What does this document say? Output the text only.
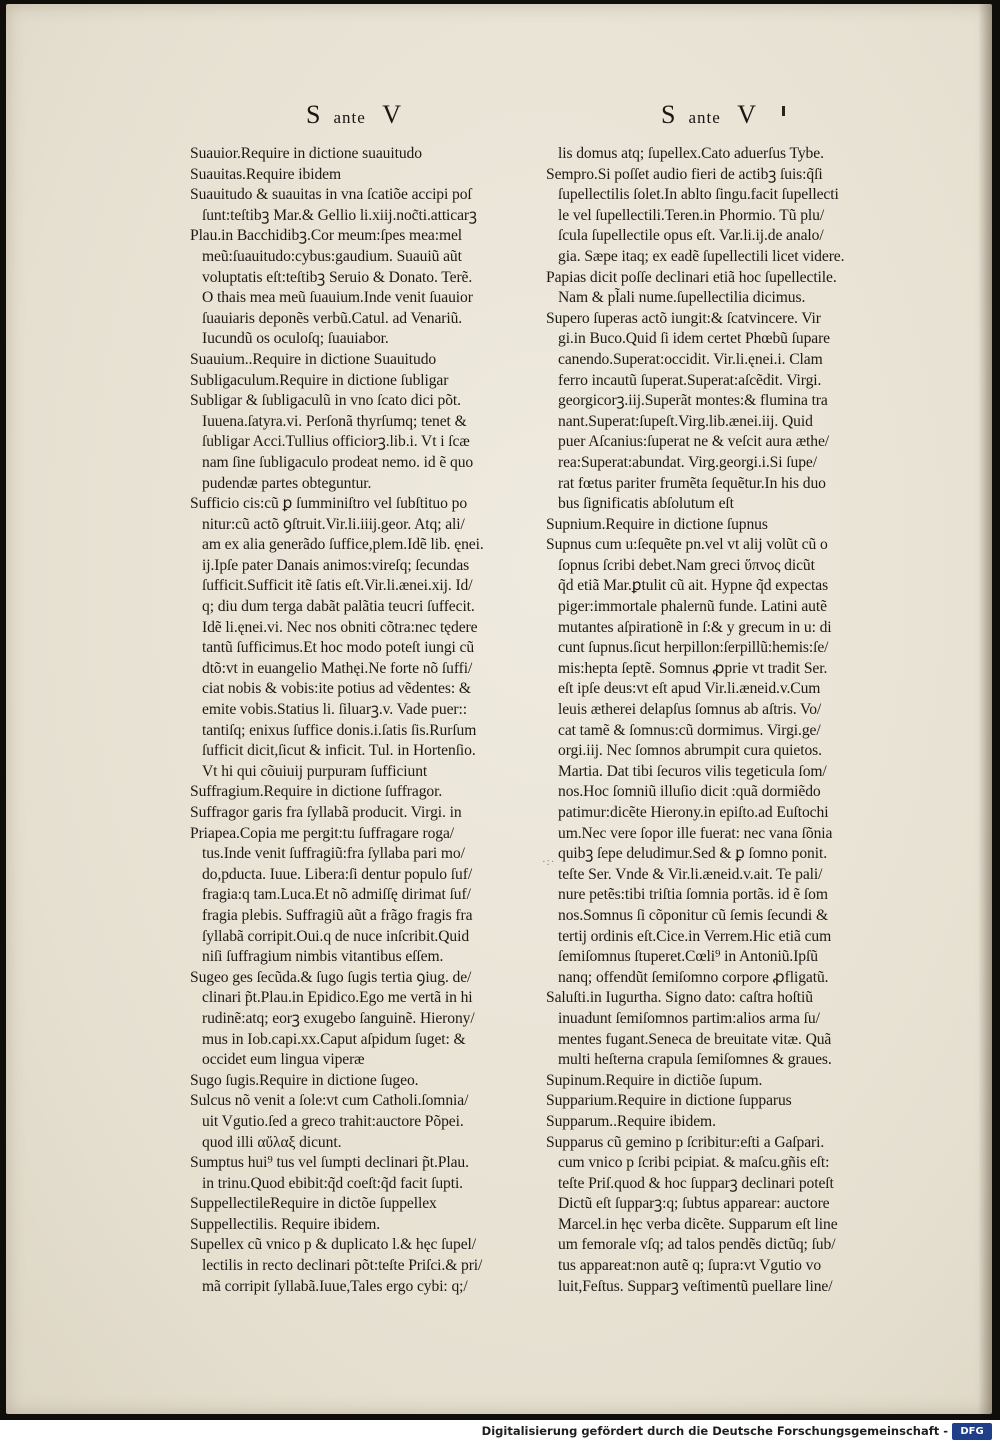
Sante V	Sante V
Suauior.Require in dictione suauitudo
Suauitas.Require ibidem
Suauitudo & suauitas in vna ſcatiõe accipi poſ
ſunt:teſtibꝫ Mar.& Gellio li.xiij.noc̃ti.atticarꝫ
Plau.in Bacchidibꝫ.Cor meum:ſpes mea:mel
meũ:ſuauitudo:cybus:gaudium. Suauiũ aũt
voluptatis eſt:teſtibꝫ Seruio & Donato. Terẽ.
O thais mea meũ ſuauium.Inde venit ſuauior
ſuauiaris deponẽs verbũ.Catul. ad Venariũ.
Iucundũ os oculoſq; ſuauiabor.
Suauium..Require in dictione Suauitudo
Subligaculum.Require in dictione ſubligar
Subligar & ſubligaculũ in vno ſcato dici põt.
Iuuena.ſatyra.vi. Perſonã thyrſumq; tenet &
ſubligar Acci.Tullius officiorꝫ.lib.i. Vt i ſcæ
nam ſine ſubligaculo prodeat nemo. id ẽ quo
pudendæ partes obteguntur.
Sufficio cis:cũ ꝑ ſumminiſtro vel ſubſtituo po
nitur:cũ actõ ꝯſtruit.Vir.li.iiij.geor. Atq; ali/
am ex alia generãdo ſuffice,plem.Idẽ lib. ęnei.
ij.Ipſe pater Danais animos:vireſq; ſecundas
ſufficit.Sufficit itẽ ſatis eſt.Vir.li.ænei.xij. Id/
q; diu dum terga dabãt palãtia teucri ſuffecit.
Idẽ li.ęnei.vi. Nec nos obniti cõtra:nec tędere
tantũ ſufficimus.Et hoc modo poteſt iungi cũ
dtõ:vt in euangelio Mathęi.Ne forte nõ ſuffi/
ciat nobis & vobis:ite potius ad vẽdentes: &
emite vobis.Statius li. ſiluarꝫ.v. Vade puer::
tantiſq; enixus ſuffice donis.i.ſatis ſis.Rurſum
ſufficit dicit,ſicut & inficit. Tul. in Hortenſio.
Vt hi qui cõuiuij purpuram ſufficiunt
Suffragium.Require in dictione ſuffragor.
Suffragor garis fra ſyllabã producit. Virgi. in
Priapea.Copia me pergit:tu ſuffragare roga/
tus.Inde venit ſuffragiũ:fra ſyllaba pari mo/
do,pducta. Iuue. Libera:ſi dentur populo ſuf/
fragia:q tam.Luca.Et nõ admiſſę dirimat ſuf/
fragia plebis. Suffragiũ aũt a frãgo fragis fra
ſyllabã corripit.Oui.q de nuce inſcribit.Quid
niſi ſuffragium nimbis vitantibus eſſem.
Sugeo ges ſecũda.& ſugo ſugis tertia ꝯiug. de/
clinari p̃t.Plau.in Epidico.Ego me vertã in hi
rudinẽ:atq; eorꝫ exugebo ſanguinẽ. Hierony/
mus in Iob.capi.xx.Caput aſpidum ſuget: &
occidet eum lingua viperæ
Sugo ſugis.Require in dictione ſugeo.
Sulcus nõ venit a ſole:vt cum Catholi.ſomnia/
uit Vgutio.ſed a greco trahit:auctore Põpei.
quod illi αὔλαξ dicunt.
Sumptus hui⁹ tus vel ſumpti declinari p̃t.Plau.
in trinu.Quod ebibit:q̃d coeſt:q̃d facit ſupti.
SuppellectileRequire in dictõe ſuppellex
Suppellectilis. Require ibidem.
Supellex cũ vnico p & duplicato l.& hęc ſupel/
lectilis in recto declinari põt:teſte Priſci.& pri/
mã corripit ſyllabã.Iuue,Tales ergo cybi: q;/
lis domus atq; ſupellex.Cato aduerſus Tybe.
Sempro.Si poſſet audio fieri de actibꝫ ſuis:q̃ſi
ſupellectilis ſolet.In ablto ſingu.facit ſupellecti
le vel ſupellectili.Teren.in Phormio. Tũ plu/
ſcula ſupellectile opus eſt. Var.li.ij.de analo/
gia. Sæpe itaq; ex eadẽ ſupellectili licet videre.
Papias dicit poſſe declinari etiã hoc ſupellectile.
Nam & pl̃ali nume.ſupellectilia dicimus.
Supero ſuperas actõ iungit:& ſcatvincere. Vir
gi.in Buco.Quid ſi idem certet Phœbũ ſupare
canendo.Superat:occidit. Vir.li.ęnei.i. Clam
ferro incautũ ſuperat.Superat:aſcẽdit. Virgi.
georgicorꝫ.iij.Superãt montes:& flumina tra
nant.Superat:ſupeſt.Virg.lib.ænei.iij. Quid
puer Aſcanius:ſuperat ne & veſcit aura æthe/
rea:Superat:abundat. Virg.georgi.i.Si ſupe/
rat fœtus pariter frumẽta ſequẽtur.In his duo
bus ſignificatis abſolutum eſt
Supnium.Require in dictione ſupnus
Supnus cum u:ſequẽte pn.vel vt alij volũt cũ o
ſopnus ſcribi debet.Nam greci ὕπνος dicũt
q̃d etiã Mar.ꝑtulit cũ ait. Hypne q̃d expectas
piger:immortale phalernũ funde. Latini autẽ
mutantes aſpirationẽ in ſ:& y grecum in u: di
cunt ſupnus.ſicut herpillon:ſerpillũ:hemis:ſe/
mis:hepta ſeptẽ. Somnus ꝓprie vt tradit Ser.
eſt ipſe deus:vt eſt apud Vir.li.æneid.v.Cum
leuis ætherei delapſus ſomnus ab aſtris. Vo/
cat tamẽ & ſomnus:cũ dormimus. Virgi.ge/
orgi.iij. Nec ſomnos abrumpit cura quietos.
Martia. Dat tibi ſecuros vilis tegeticula ſom/
nos.Hoc ſomniũ illuſio dicit :quã dormiẽdo
patimur:dicẽte Hierony.in epiſto.ad Euſtochi
um.Nec vere ſopor ille fuerat: nec vana ſõnia
quibꝫ ſepe deludimur.Sed & ꝑ ſomno ponit.
teſte Ser. Vnde & Vir.li.æneid.v.ait. Te pali/
nure petẽs:tibi triſtia ſomnia portãs. id ẽ ſom
nos.Somnus ſi cõponitur cũ ſemis ſecundi &
tertij ordinis eſt.Cice.in Verrem.Hic etiã cum
ſemiſomnus ſtuperet.Cœli⁹ in Antoniũ.Ipſũ
nanq; offendũt ſemiſomno corpore ꝓfligatũ.
Saluſti.in Iugurtha. Signo dato: caſtra hoſtiũ
inuadunt ſemiſomnos partim:alios arma ſu/
mentes fugant.Seneca de breuitate vitæ. Quã
multi heſterna crapula ſemiſomnes & graues.
Supinum.Require in dictiõe ſupum.
Supparium.Require in dictione ſupparus
Supparum..Require ibidem.
Supparus cũ gemino p ſcribitur:eſti a Gaſpari.
cum vnico p ſcribi pcipiat. & maſcu.gñis eſt:
teſte Priſ.quod & hoc ſupparꝫ declinari poteſt
Dictũ eſt ſupparꝫ:q; ſubtus apparear: auctore
Marcel.in hęc verba dicẽte. Supparum eſt line
um femorale vſq; ad talos pendẽs dictũq; ſub/
tus appareat:non autẽ q; ſupra:vt Vgutio vo
luit,Feſtus. Supparꝫ veſtimentũ puellare line/
·:·
Digitalisierung gefördert durch die Deutsche Forschungsgemeinschaft -	DFG
